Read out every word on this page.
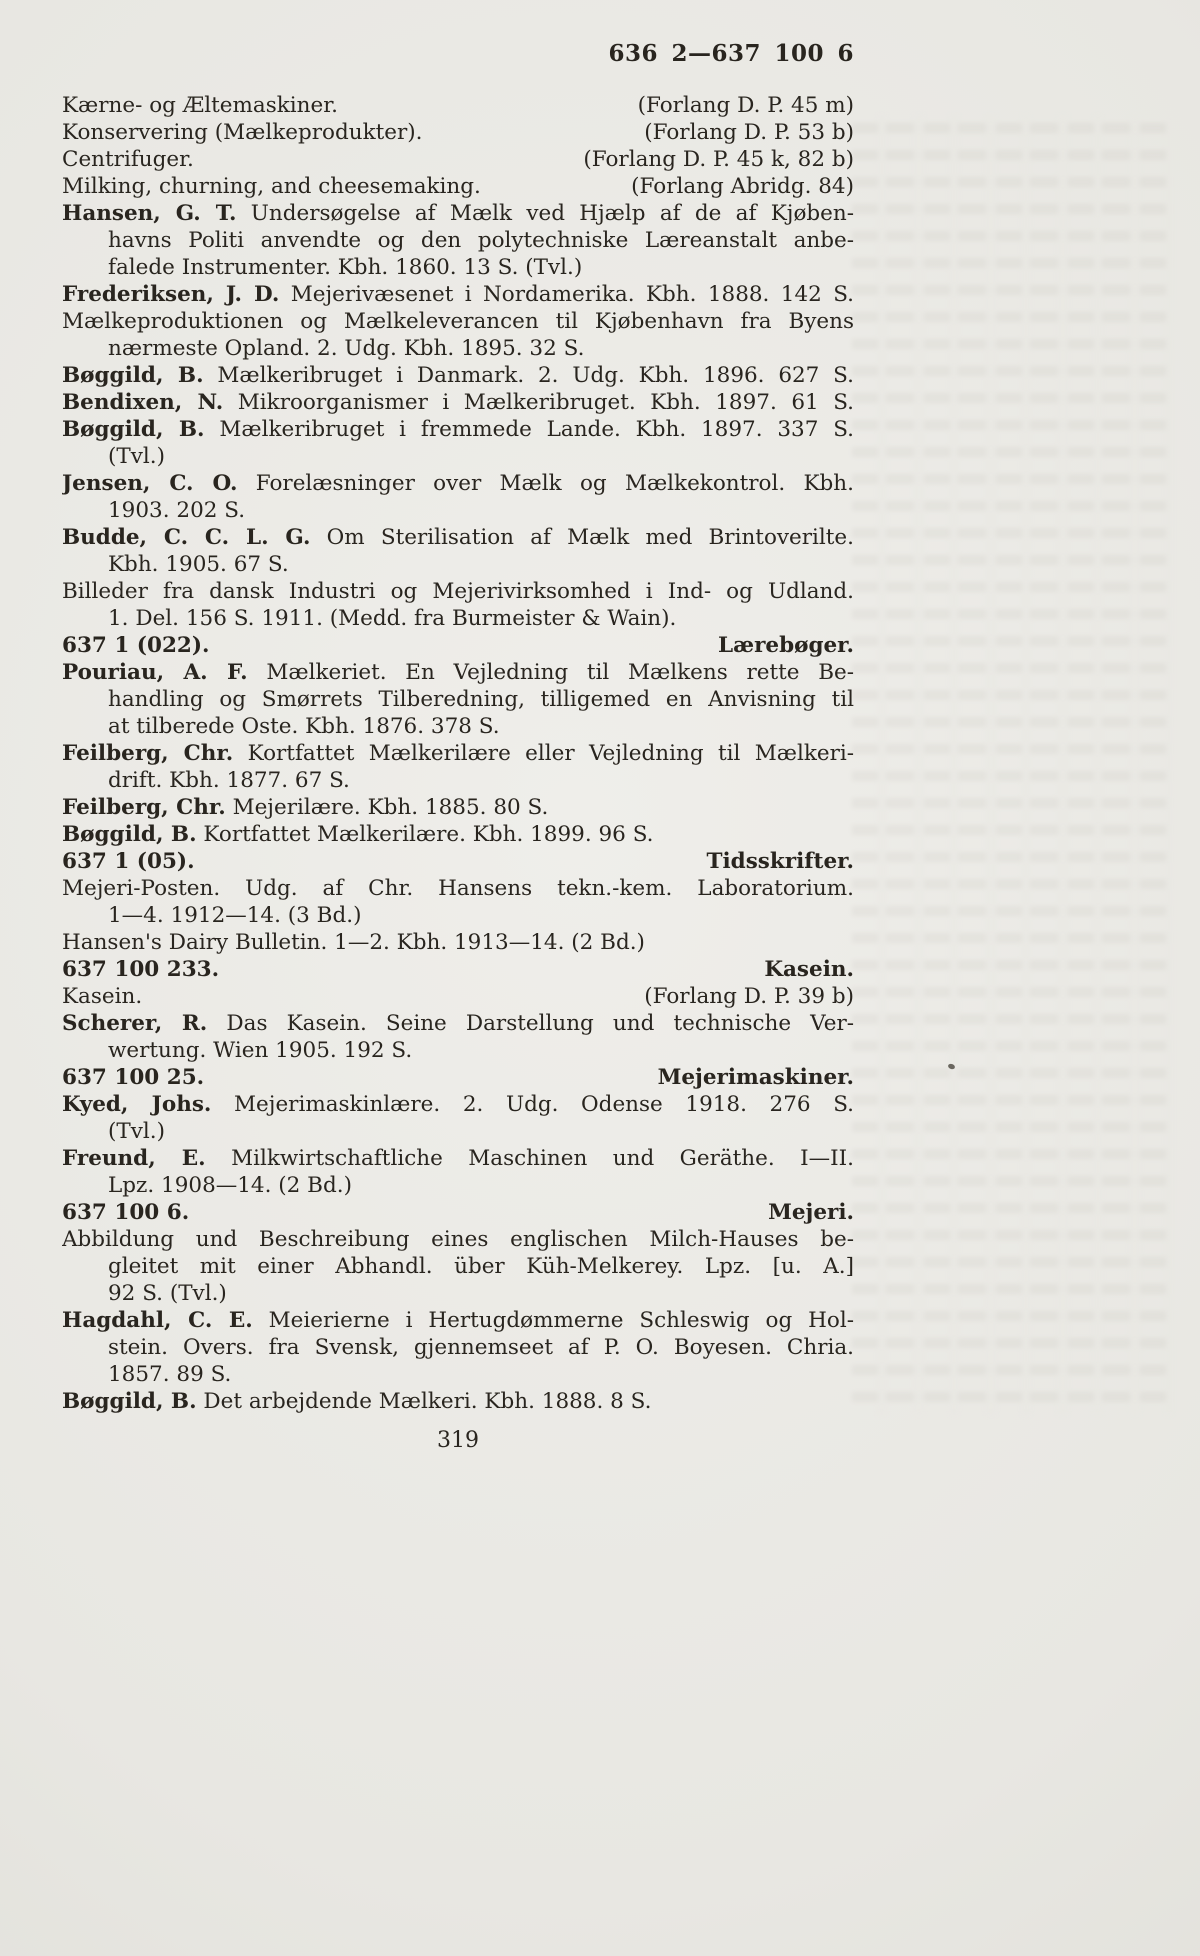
636 2—637 100 6
Kærne- og Æltemaskiner.	(Forlang D. P. 45 m)
Konservering (Mælkeprodukter).	(Forlang D. P. 53 b)
Centrifuger.	(Forlang D. P. 45 k, 82 b)
Milking, churning, and cheesemaking.	(Forlang Abridg. 84)
Hansen, G. T. Undersøgelse af Mælk ved Hjælp af de af Kjøben-
havns Politi anvendte og den polytechniske Læreanstalt anbe-
falede Instrumenter. Kbh. 1860. 13 S. (Tvl.)
Frederiksen, J. D. Mejerivæsenet i Nordamerika. Kbh. 1888. 142 S.
Mælkeproduktionen og Mælkeleverancen til Kjøbenhavn fra Byens
nærmeste Opland. 2. Udg. Kbh. 1895. 32 S.
Bøggild, B. Mælkeribruget i Danmark. 2. Udg. Kbh. 1896. 627 S.
Bendixen, N. Mikroorganismer i Mælkeribruget. Kbh. 1897. 61 S.
Bøggild, B. Mælkeribruget i fremmede Lande. Kbh. 1897. 337 S.
(Tvl.)
Jensen, C. O. Forelæsninger over Mælk og Mælkekontrol. Kbh.
1903. 202 S.
Budde, C. C. L. G. Om Sterilisation af Mælk med Brintoverilte.
Kbh. 1905. 67 S.
Billeder fra dansk Industri og Mejerivirksomhed i Ind- og Udland.
1. Del. 156 S. 1911. (Medd. fra Burmeister & Wain).
637 1 (022).	Lærebøger.
Pouriau, A. F. Mælkeriet. En Vejledning til Mælkens rette Be-
handling og Smørrets Tilberedning, tilligemed en Anvisning til
at tilberede Oste. Kbh. 1876. 378 S.
Feilberg, Chr. Kortfattet Mælkerilære eller Vejledning til Mælkeri-
drift. Kbh. 1877. 67 S.
Feilberg, Chr. Mejerilære. Kbh. 1885. 80 S.
Bøggild, B. Kortfattet Mælkerilære. Kbh. 1899. 96 S.
637 1 (05).	Tidsskrifter.
Mejeri-Posten. Udg. af Chr. Hansens tekn.-kem. Laboratorium.
1—4. 1912—14. (3 Bd.)
Hansen's Dairy Bulletin. 1—2. Kbh. 1913—14. (2 Bd.)
637 100 233.	Kasein.
Kasein.	(Forlang D. P. 39 b)
Scherer, R. Das Kasein. Seine Darstellung und technische Ver-
wertung. Wien 1905. 192 S.
637 100 25.	Mejerimaskiner.
Kyed, Johs. Mejerimaskinlære. 2. Udg. Odense 1918. 276 S.
(Tvl.)
Freund, E. Milkwirtschaftliche Maschinen und Geräthe. I—II.
Lpz. 1908—14. (2 Bd.)
637 100 6.	Mejeri.
Abbildung und Beschreibung eines englischen Milch-Hauses be-
gleitet mit einer Abhandl. über Küh-Melkerey. Lpz. [u. A.]
92 S. (Tvl.)
Hagdahl, C. E. Meierierne i Hertugdømmerne Schleswig og Hol-
stein. Overs. fra Svensk, gjennemseet af P. O. Boyesen. Chria.
1857. 89 S.
Bøggild, B. Det arbejdende Mælkeri. Kbh. 1888. 8 S.
319
